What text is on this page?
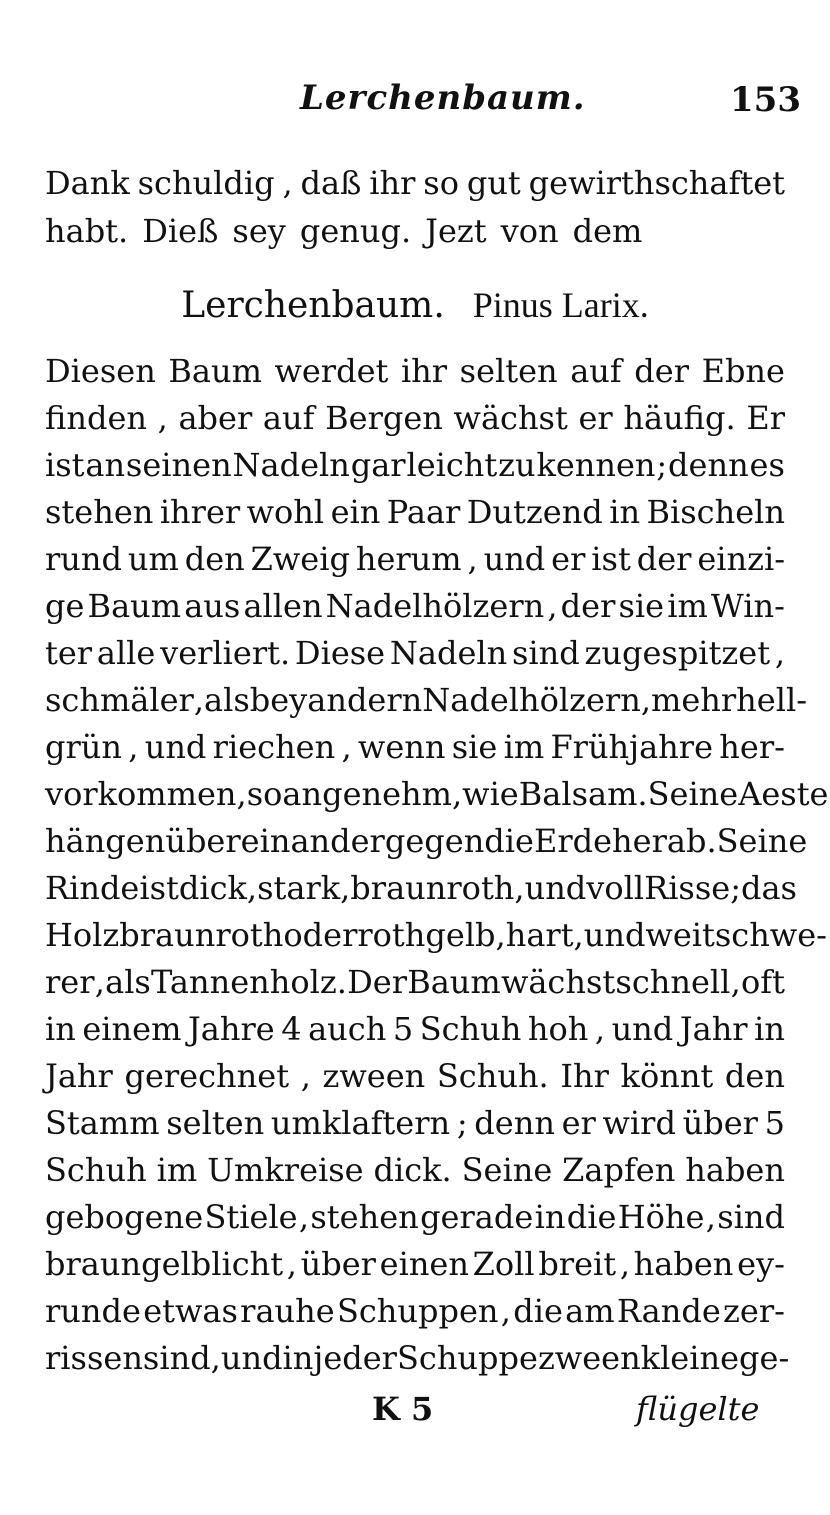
Lerchenbaum.	153
Dank schuldig , daß ihr so gut gewirthschaftet
habt. Dieß sey genug. Jezt von dem
Lerchenbaum. Pinus Larix.
Diesen Baum werdet ihr selten auf der Ebne
finden , aber auf Bergen wächst er häufig. Er
ist an seinen Nadeln gar leicht zu kennen ; denn es
stehen ihrer wohl ein Paar Dutzend in Bischeln
rund um den Zweig herum , und er ist der einzi-
ge Baum aus allen Nadelhölzern , der sie im Win-
ter alle verliert. Diese Nadeln sind zugespitzet ,
schmäler , als bey andern Nadelhölzern , mehr hell-
grün , und riechen , wenn sie im Frühjahre her-
vorkommen, so angenehm, wie Balsam. Seine Aeste
hängen übereinander gegen die Erde herab. Seine
Rinde ist dick , stark , braunroth, und voll Risse; das
Holz braunroth oder rothgelb, hart , und weit schwe-
rer , als Tannenholz. Der Baum wächst schnell , oft
in einem Jahre 4 auch 5 Schuh hoh , und Jahr in
Jahr gerechnet , zween Schuh. Ihr könnt den
Stamm selten umklaftern ; denn er wird über 5
Schuh im Umkreise dick. Seine Zapfen haben
gebogene Stiele , stehen gerade in die Höhe , sind
braungelblicht , über einen Zoll breit , haben ey-
runde etwas rauhe Schuppen , die am Rande zer-
rissen sind , und in jeder Schuppe zween kleine ge-
K 5	flügelte
